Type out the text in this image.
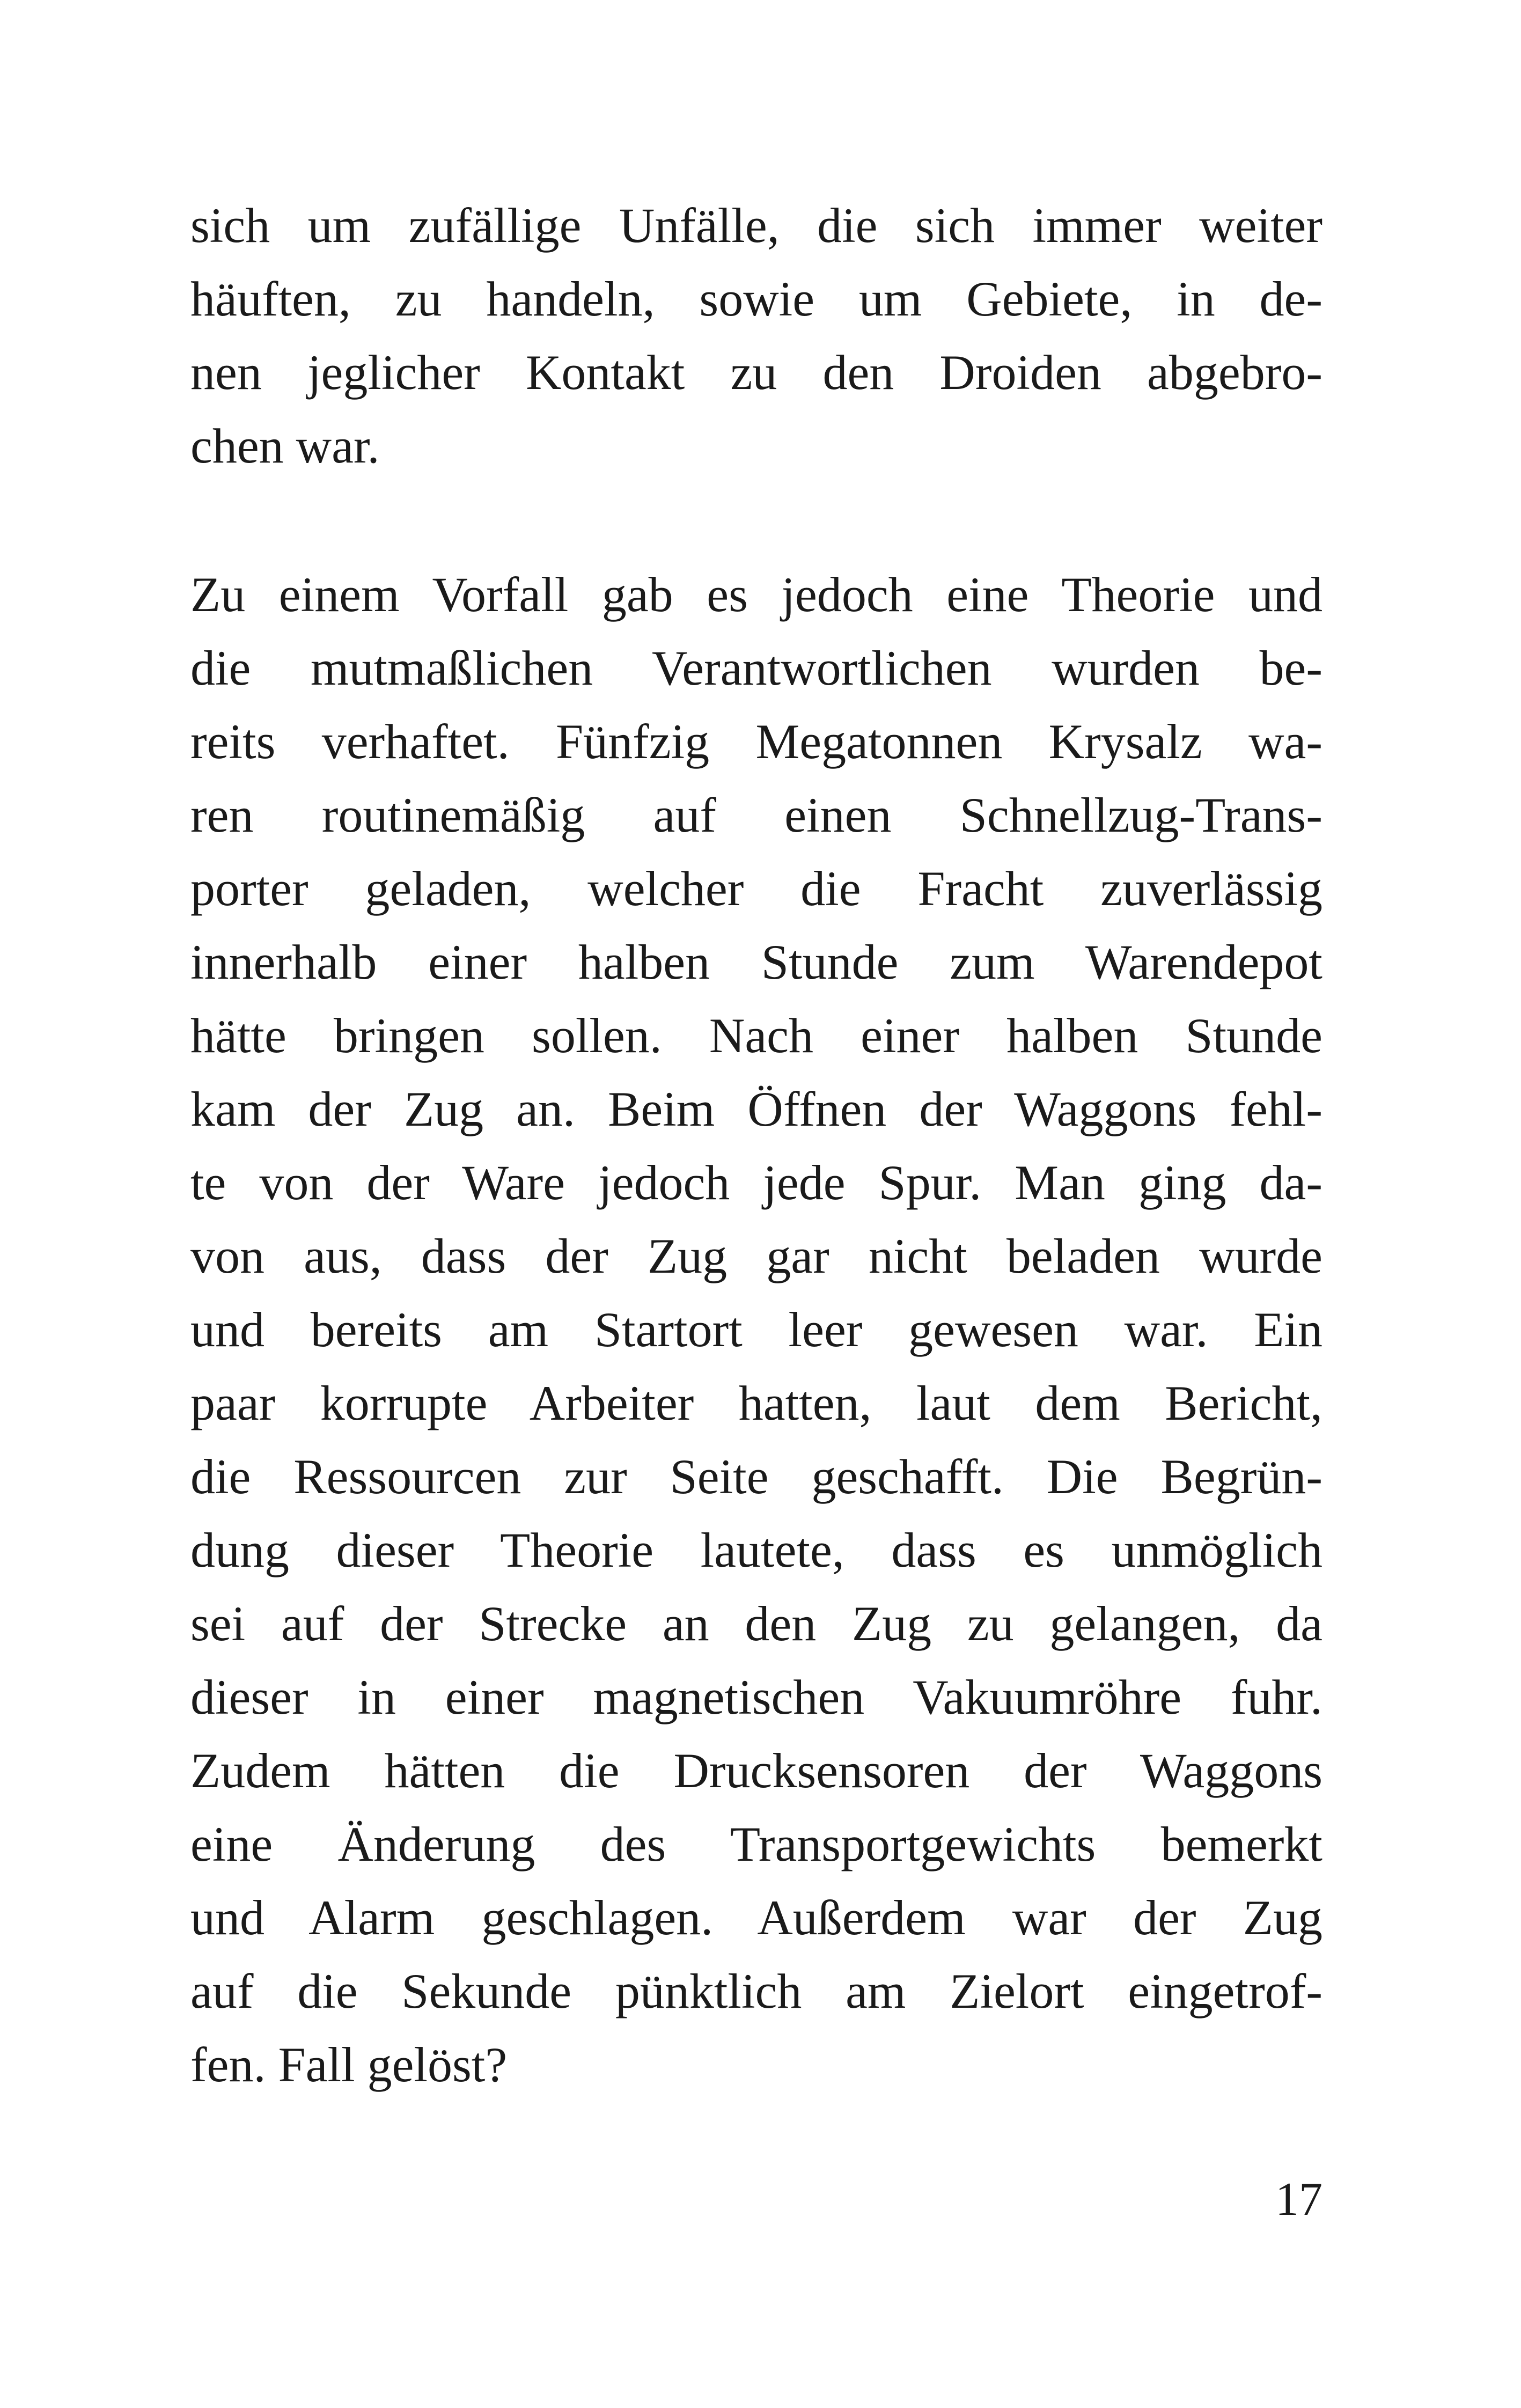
sich um zufällige Unfälle, die sich immer weiter
häuften, zu handeln, sowie um Gebiete, in de-
nen jeglicher Kontakt zu den Droiden abgebro-
chen war.
Zu einem Vorfall gab es jedoch eine Theorie und
die mutmaßlichen Verantwortlichen wurden be-
reits verhaftet. Fünfzig Megatonnen Krysalz wa-
ren routinemäßig auf einen Schnellzug-Trans-
porter geladen, welcher die Fracht zuverlässig
innerhalb einer halben Stunde zum Warendepot
hätte bringen sollen. Nach einer halben Stunde
kam der Zug an. Beim Öffnen der Waggons fehl-
te von der Ware jedoch jede Spur. Man ging da-
von aus, dass der Zug gar nicht beladen wurde
und bereits am Startort leer gewesen war. Ein
paar korrupte Arbeiter hatten, laut dem Bericht,
die Ressourcen zur Seite geschafft. Die Begrün-
dung dieser Theorie lautete, dass es unmöglich
sei auf der Strecke an den Zug zu gelangen, da
dieser in einer magnetischen Vakuumröhre fuhr.
Zudem hätten die Drucksensoren der Waggons
eine Änderung des Transportgewichts bemerkt
und Alarm geschlagen. Außerdem war der Zug
auf die Sekunde pünktlich am Zielort eingetrof-
fen. Fall gelöst?
17
